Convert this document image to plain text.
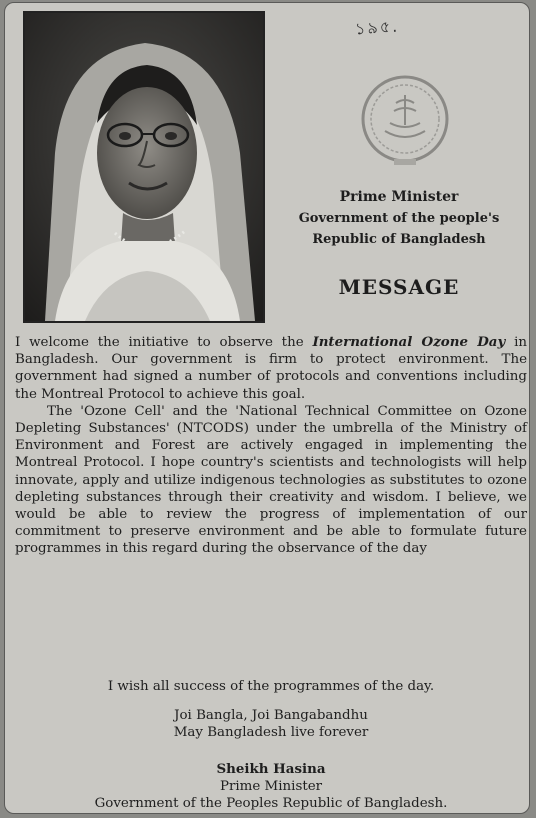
১৯৫.
Prime Minister
Government of the people's
Republic of Bangladesh
MESSAGE

I welcome the initiative to observe the International Ozone Day in Bangladesh. Our government is firm to protect environment. The government had signed a number of protocols and conventions including the Montreal Protocol to achieve this goal.

The 'Ozone Cell' and the 'National Technical Committee on Ozone Depleting Substances' (NTCODS) under the umbrella of the Ministry of Environment and Forest are actively engaged in implementing the Montreal Protocol. I hope country's scientists and technologists will help innovate, apply and utilize indigenous technologies as substitutes to ozone depleting substances through their creativity and wisdom. I believe, we would be able to review the progress of implementation of our commitment to preserve environment and be able to formulate future programmes in this regard during the observance of the day

I wish all success of the programmes of the day.
Joi Bangla, Joi Bangabandhu
May Bangladesh live forever
Sheikh Hasina
Prime Minister
Government of the Peoples Republic of Bangladesh.
